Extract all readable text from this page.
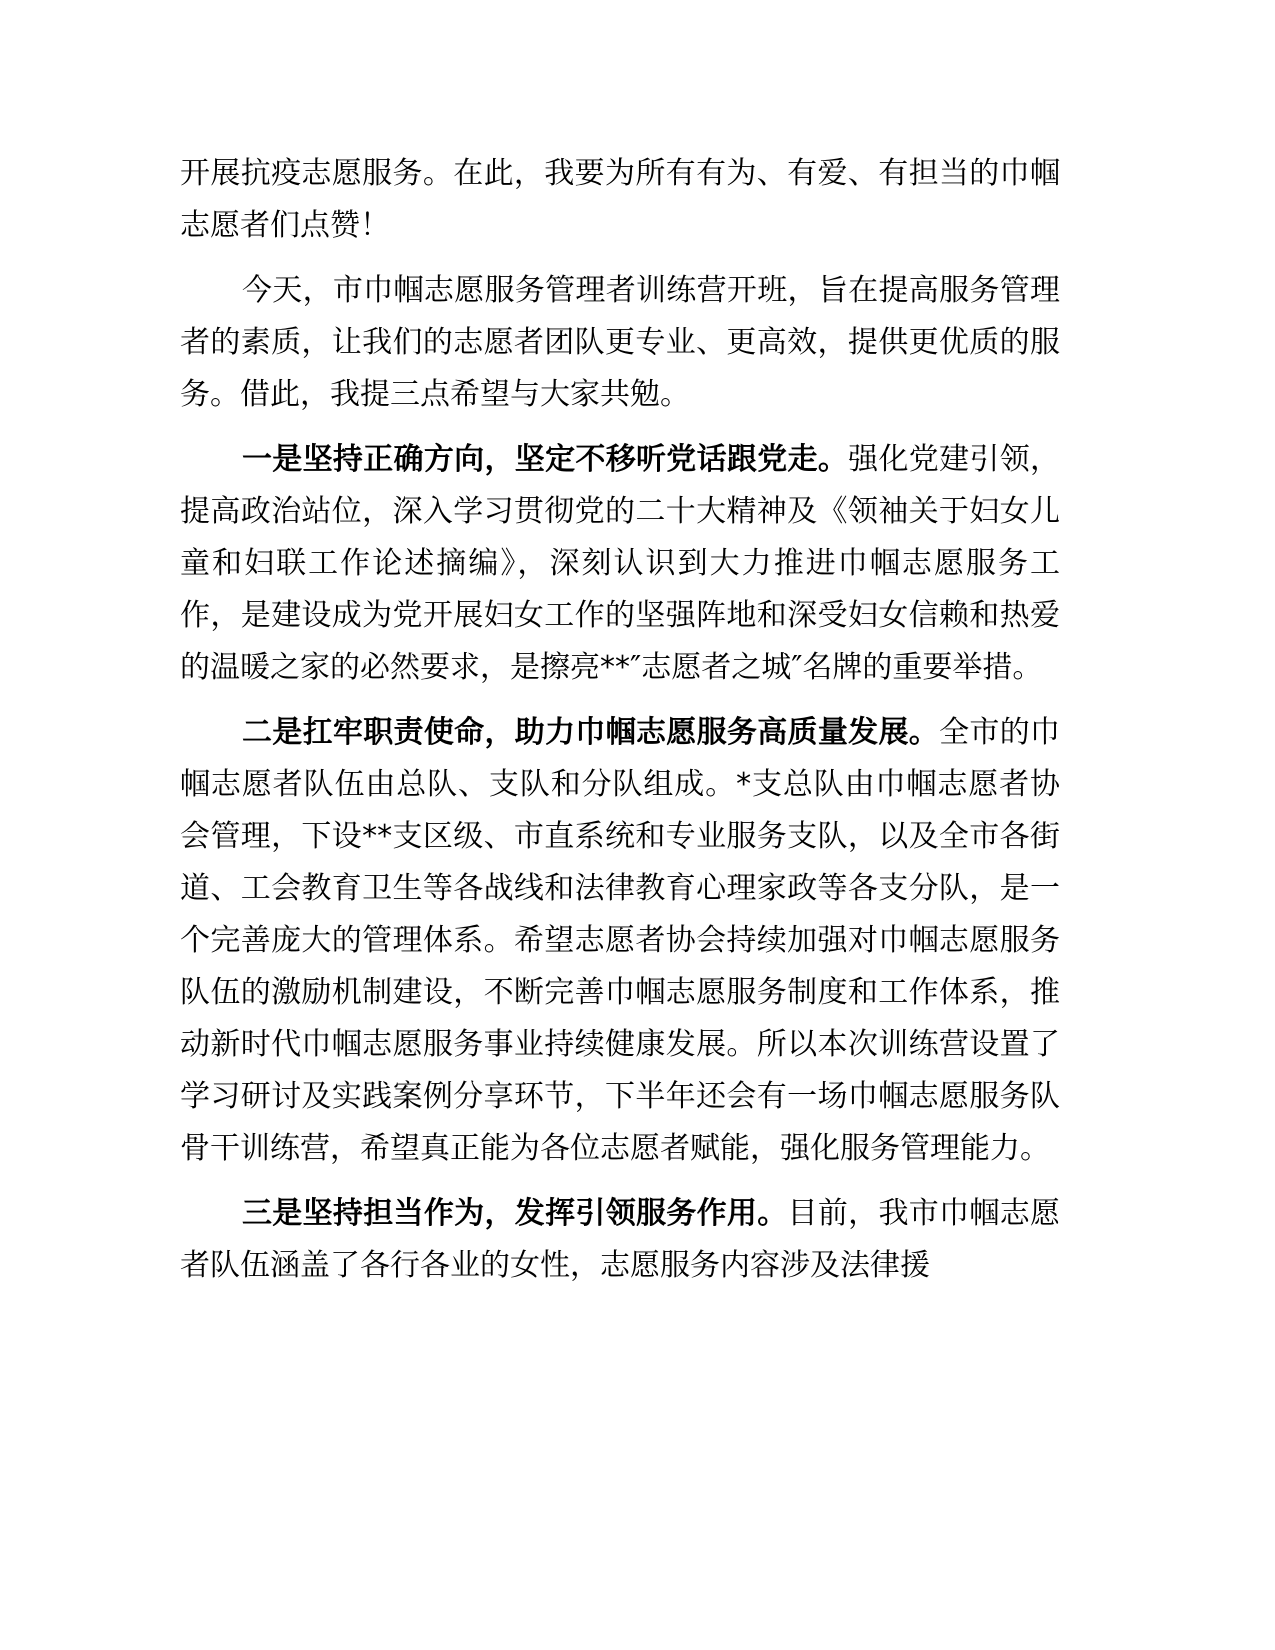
开展抗疫志愿服务。在此，我要为所有有为、有爱、有担当的巾帼志愿者们点赞！

今天，市巾帼志愿服务管理者训练营开班，旨在提高服务管理者的素质，让我们的志愿者团队更专业、更高效，提供更优质的服务。借此，我提三点希望与大家共勉。

一是坚持正确方向，坚定不移听党话跟党走。强化党建引领，提高政治站位，深入学习贯彻党的二十大精神及《领袖关于妇女儿童和妇联工作论述摘编》，深刻认识到大力推进巾帼志愿服务工作，是建设成为党开展妇女工作的坚强阵地和深受妇女信赖和热爱的温暖之家的必然要求，是擦亮**″志愿者之城″名牌的重要举措。

二是扛牢职责使命，助力巾帼志愿服务高质量发展。全市的巾帼志愿者队伍由总队、支队和分队组成。*支总队由巾帼志愿者协会管理，下设**支区级、市直系统和专业服务支队，以及全市各街道、工会教育卫生等各战线和法律教育心理家政等各支分队，是一个完善庞大的管理体系。希望志愿者协会持续加强对巾帼志愿服务队伍的激励机制建设，不断完善巾帼志愿服务制度和工作体系，推动新时代巾帼志愿服务事业持续健康发展。所以本次训练营设置了学习研讨及实践案例分享环节，下半年还会有一场巾帼志愿服务队骨干训练营，希望真正能为各位志愿者赋能，强化服务管理能力。

三是坚持担当作为，发挥引领服务作用。目前，我市巾帼志愿者队伍涵盖了各行各业的女性，志愿服务内容涉及法律援
